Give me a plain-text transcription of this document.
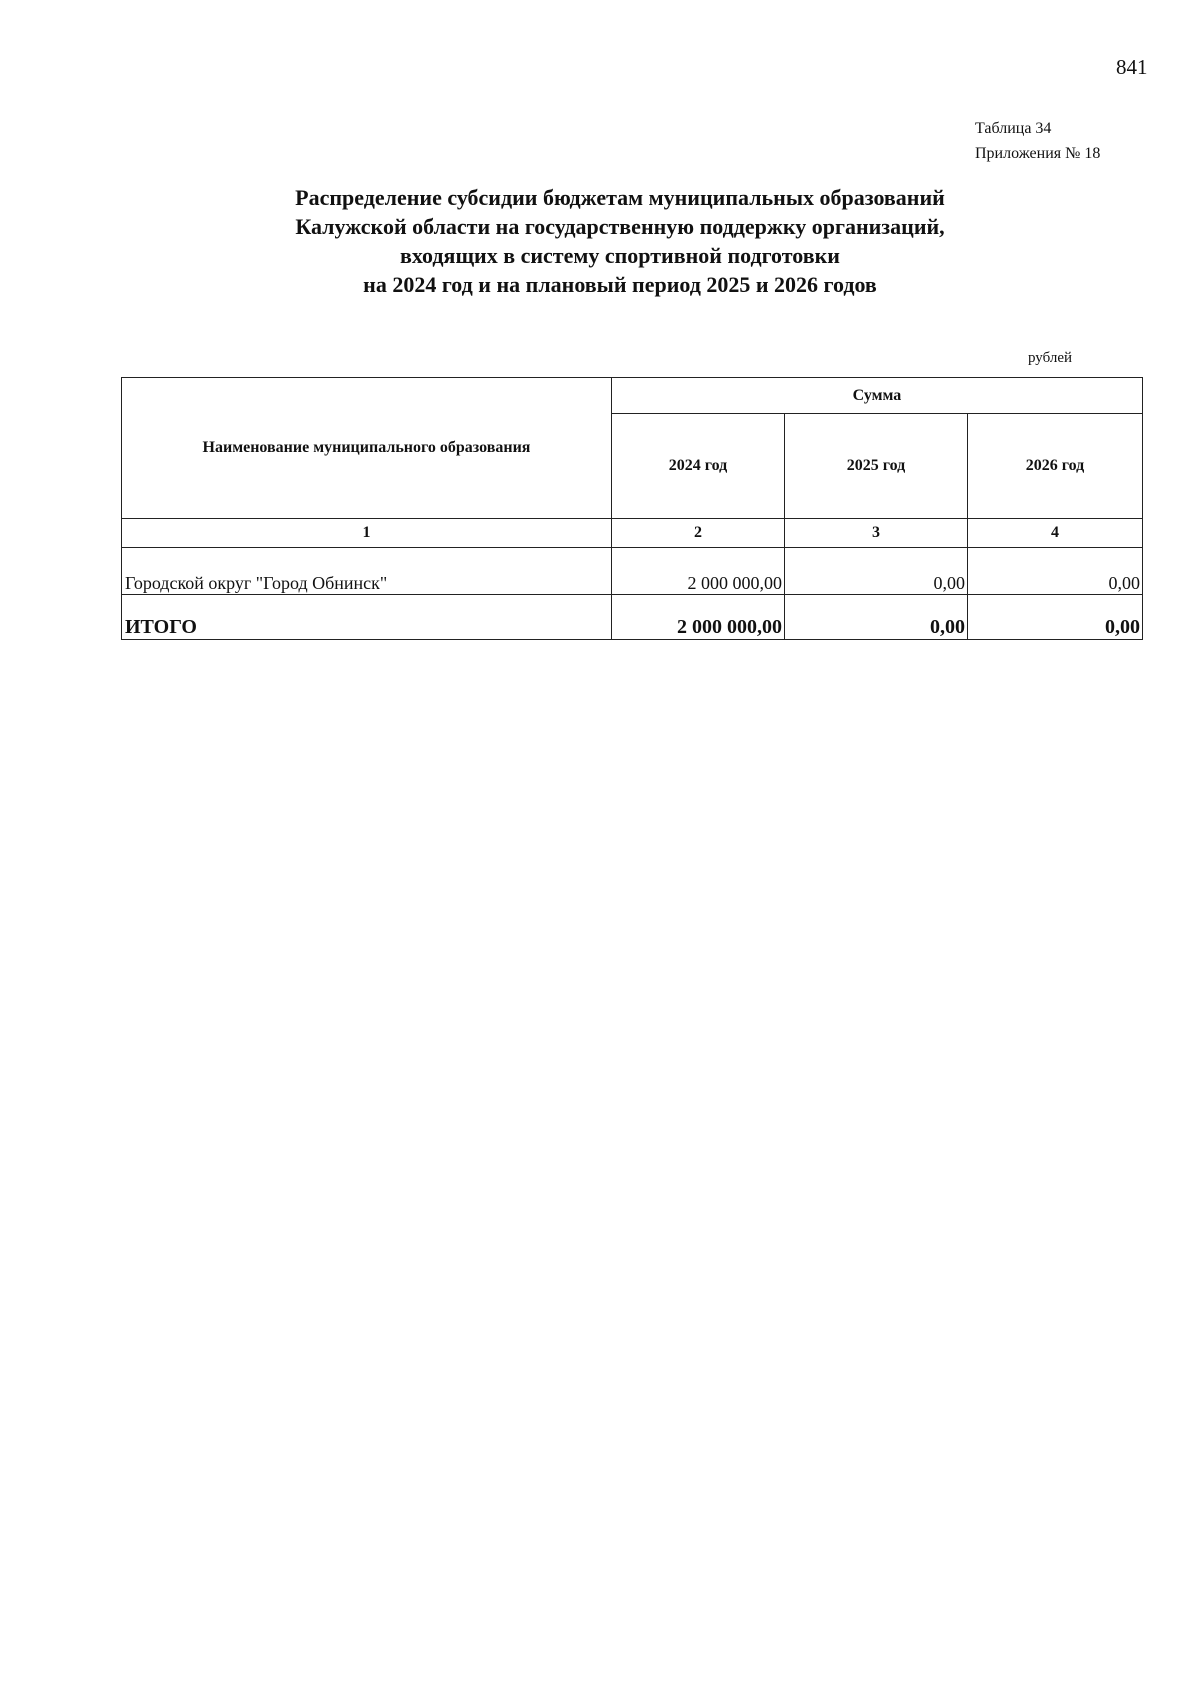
841
Таблица 34
Приложения № 18
Распределение субсидии бюджетам муниципальных образований
Калужской области на государственную поддержку организаций,
входящих в систему спортивной подготовки
на 2024 год и на плановый период 2025 и 2026 годов
рублей
Наименование муниципального образования	Сумма		
	2024 год	2025 год	2026 год
1	2	3	4
Городской округ "Город Обнинск"	2 000 000,00	0,00	0,00
ИТОГО	2 000 000,00	0,00	0,00
